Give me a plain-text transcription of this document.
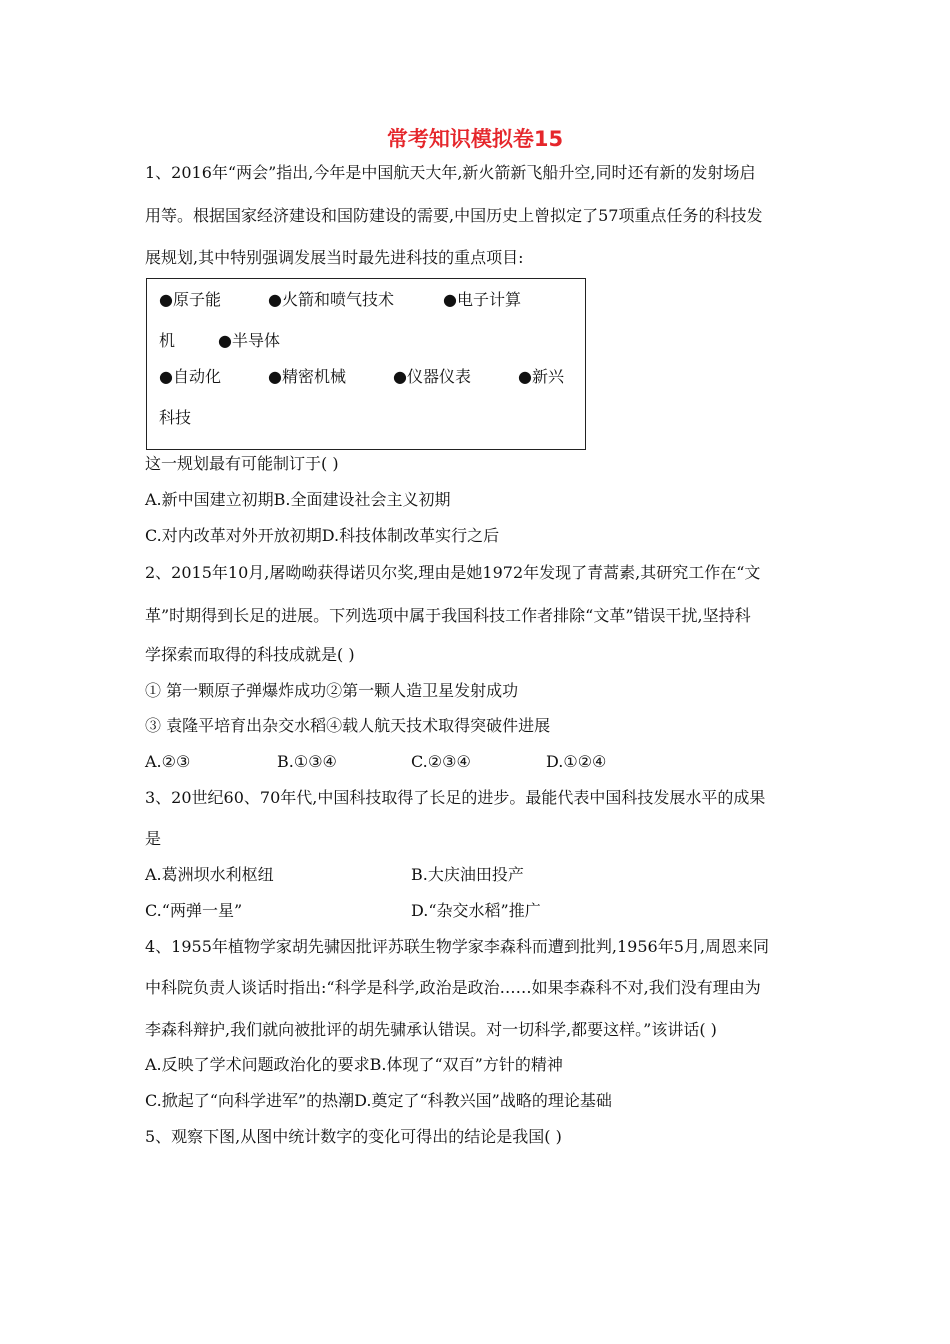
常考知识模拟卷15
1、2016年“两会”指出,今年是中国航天大年,新火箭新飞船升空,同时还有新的发射场启
用等。根据国家经济建设和国防建设的需要,中国历史上曾拟定了57项重点任务的科技发
展规划,其中特别强调发展当时最先进科技的重点项目:
●原子能	●火箭和喷气技术	●电子计算
机	●半导体
●自动化	●精密机械	●仪器仪表	●新兴
科技
这一规划最有可能制订于( )
A.新中国建立初期B.全面建设社会主义初期
C.对内改革对外开放初期D.科技体制改革实行之后
2、2015年10月,屠呦呦获得诺贝尔奖,理由是她1972年发现了青蒿素,其研究工作在“文
革”时期得到长足的进展。下列选项中属于我国科技工作者排除“文革”错误干扰,坚持科
学探索而取得的科技成就是( )
① 第一颗原子弹爆炸成功②第一颗人造卫星发射成功
③ 袁隆平培育出杂交水稻④载人航天技术取得突破件进展
A.②③	B.①③④	C.②③④	D.①②④
3、20世纪60、70年代,中国科技取得了长足的进步。最能代表中国科技发展水平的成果
是
A.葛洲坝水利枢纽	B.大庆油田投产
C.“两弹一星”	D.“杂交水稻”推广
4、1955年植物学家胡先骕因批评苏联生物学家李森科而遭到批判,1956年5月,周恩来同
中科院负责人谈话时指出:“科学是科学,政治是政治……如果李森科不对,我们没有理由为
李森科辩护,我们就向被批评的胡先骕承认错误。对一切科学,都要这样。”该讲话( )
A.反映了学术问题政治化的要求B.体现了“双百”方针的精神
C.掀起了“向科学进军”的热潮D.奠定了“科教兴国”战略的理论基础
5、观察下图,从图中统计数字的变化可得出的结论是我国( )
